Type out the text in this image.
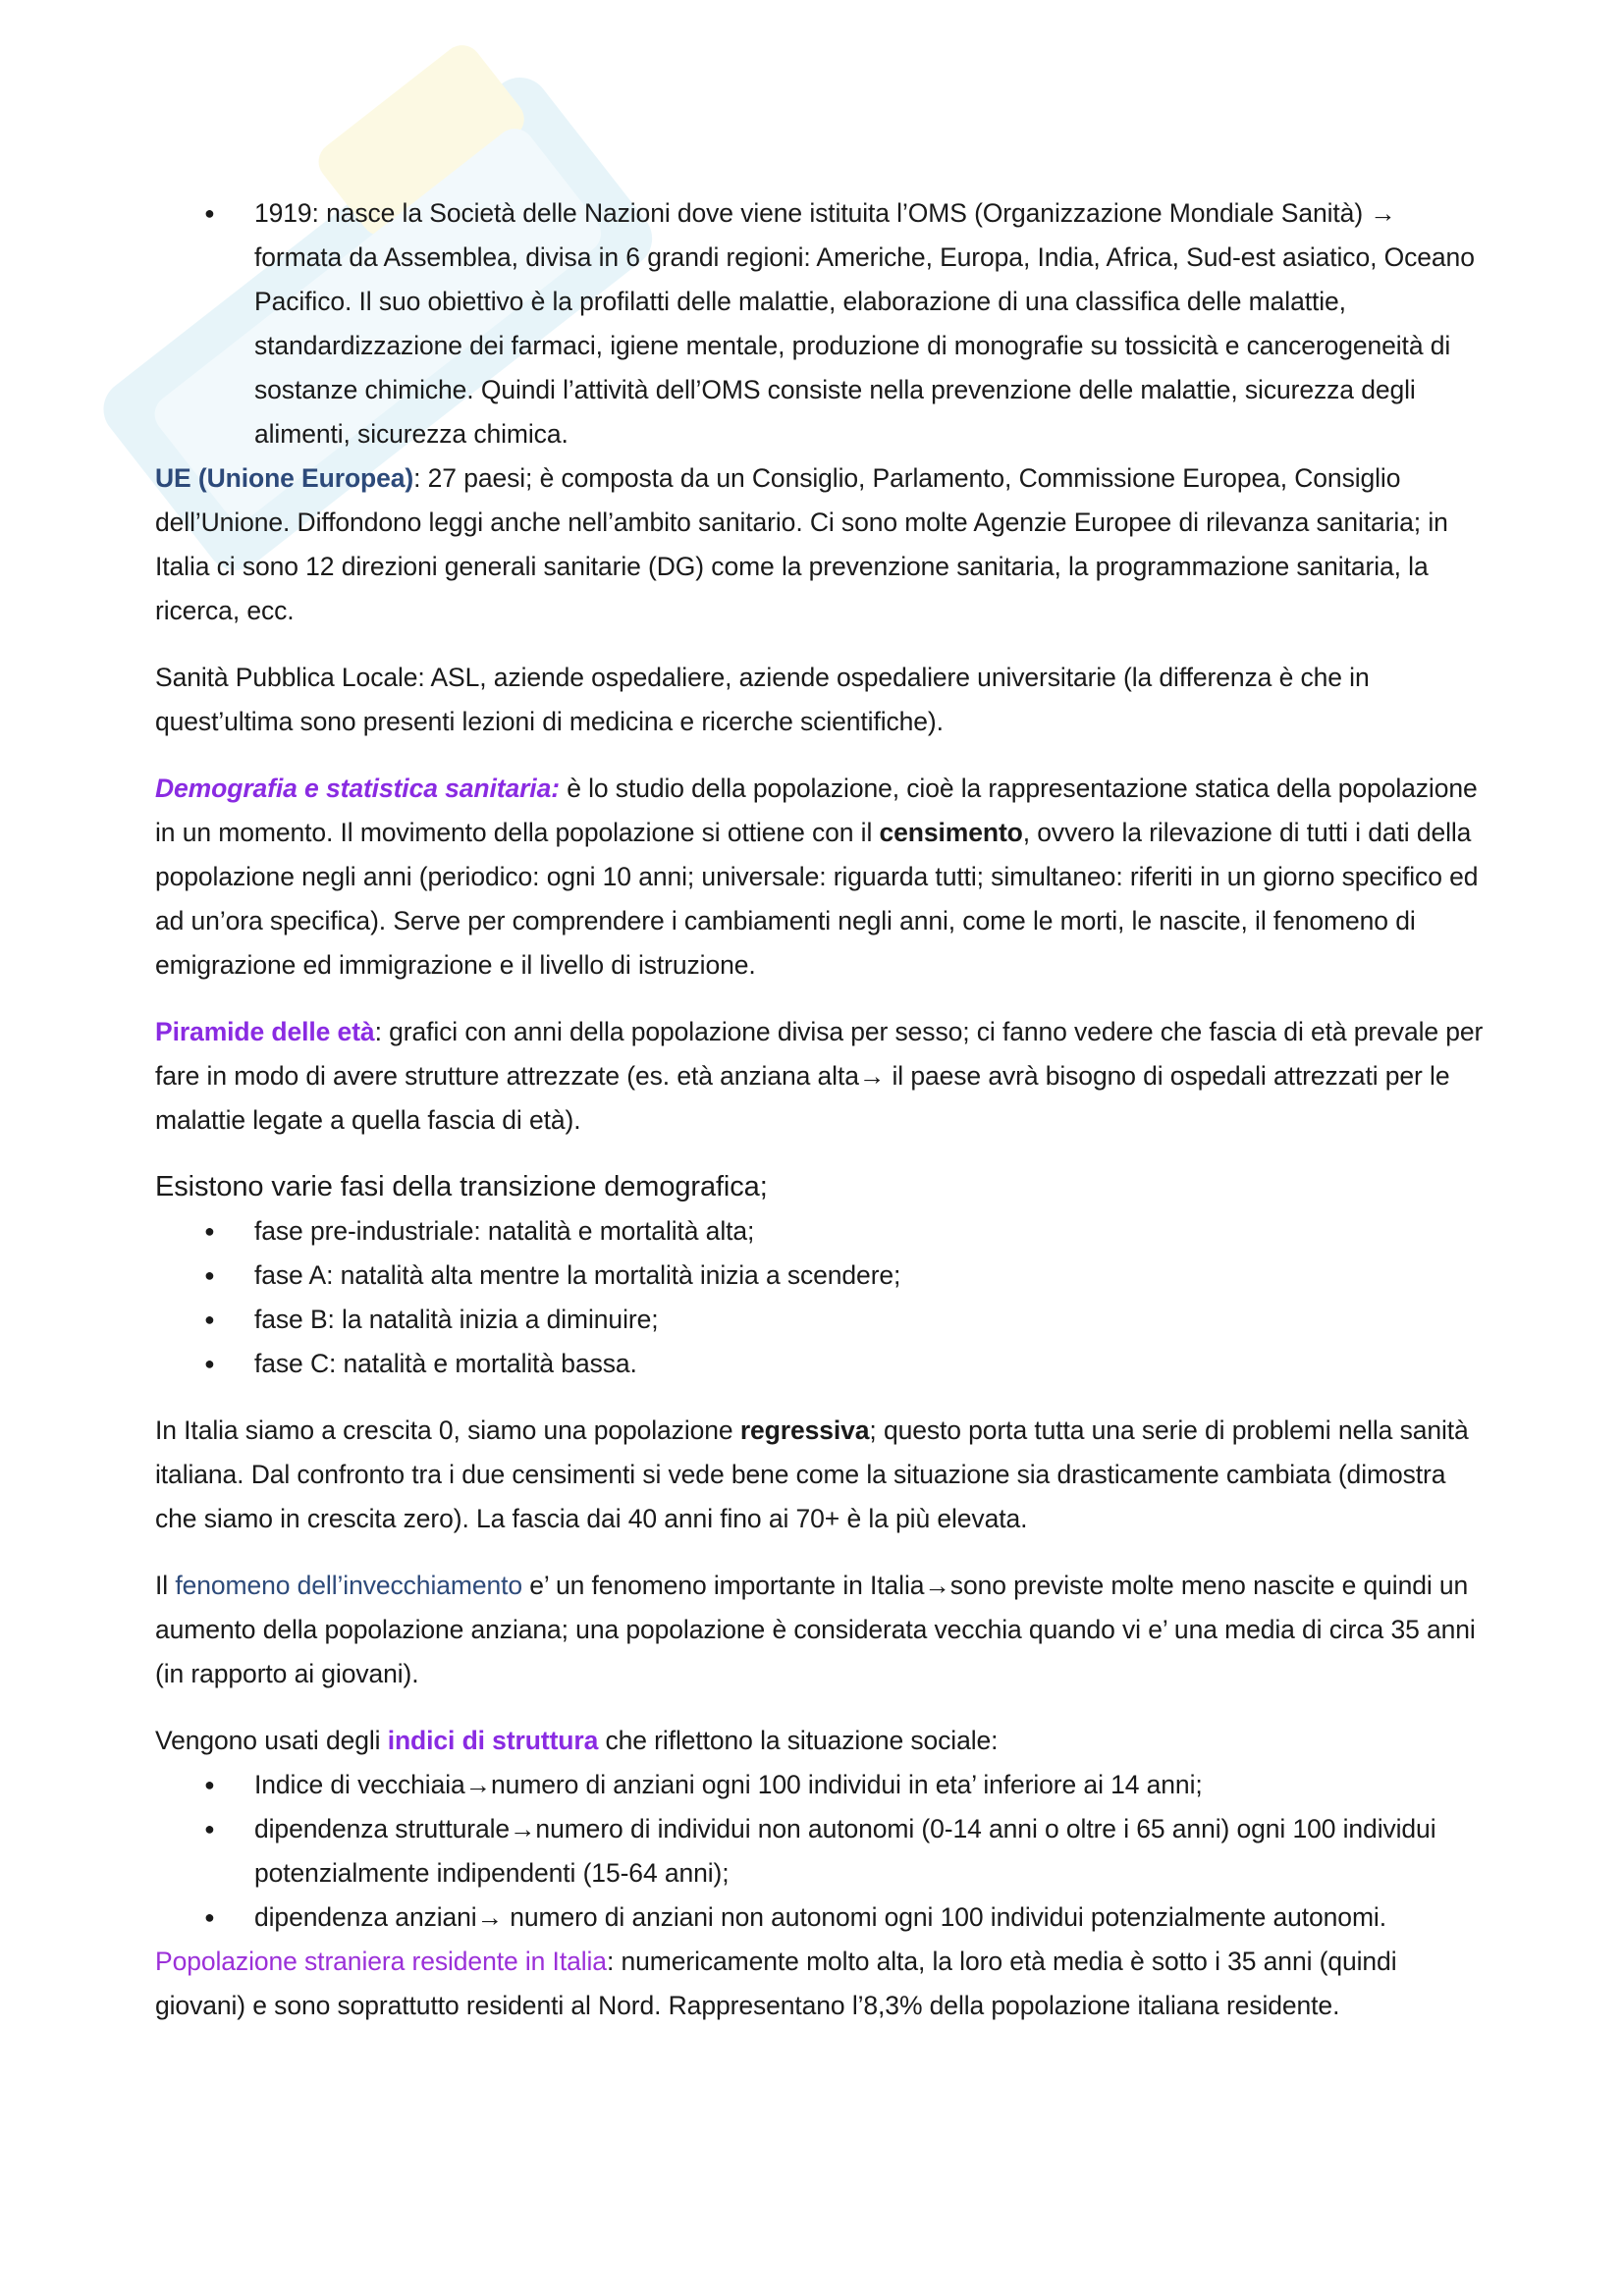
● 1919: nasce la Società delle Nazioni dove viene istituita l’OMS (Organizzazione Mondiale Sanità) → formata da Assemblea, divisa in 6 grandi regioni: Americhe, Europa, India, Africa, Sud-est asiatico, Oceano Pacifico. Il suo obiettivo è la profilatti delle malattie, elaborazione di una classifica delle malattie, standardizzazione dei farmaci, igiene mentale, produzione di monografie su tossicità e cancerogeneità di sostanze chimiche. Quindi l’attività dell’OMS consiste nella prevenzione delle malattie, sicurezza degli alimenti, sicurezza chimica.

UE (Unione Europea): 27 paesi; è composta da un Consiglio, Parlamento, Commissione Europea, Consiglio dell’Unione. Diffondono leggi anche nell’ambito sanitario. Ci sono molte Agenzie Europee di rilevanza sanitaria; in Italia ci sono 12 direzioni generali sanitarie (DG) come la prevenzione sanitaria, la programmazione sanitaria, la ricerca, ecc.

Sanità Pubblica Locale: ASL, aziende ospedaliere, aziende ospedaliere universitarie (la differenza è che in quest’ultima sono presenti lezioni di medicina e ricerche scientifiche).

Demografia e statistica sanitaria: è lo studio della popolazione, cioè la rappresentazione statica della popolazione in un momento. Il movimento della popolazione si ottiene con il censimento, ovvero la rilevazione di tutti i dati della popolazione negli anni (periodico: ogni 10 anni; universale: riguarda tutti; simultaneo: riferiti in un giorno specifico ed ad un’ora specifica). Serve per comprendere i cambiamenti negli anni, come le morti, le nascite, il fenomeno di emigrazione ed immigrazione e il livello di istruzione.

Piramide delle età: grafici con anni della popolazione divisa per sesso; ci fanno vedere che fascia di età prevale per fare in modo di avere strutture attrezzate (es. età anziana alta→ il paese avrà bisogno di ospedali attrezzati per le malattie legate a quella fascia di età).

Esistono varie fasi della transizione demografica;

● fase pre-industriale: natalità e mortalità alta;
● fase A: natalità alta mentre la mortalità inizia a scendere;
● fase B: la natalità inizia a diminuire;
● fase C: natalità e mortalità bassa.

In Italia siamo a crescita 0, siamo una popolazione regressiva; questo porta tutta una serie di problemi nella sanità italiana. Dal confronto tra i due censimenti si vede bene come la situazione sia drasticamente cambiata (dimostra che siamo in crescita zero). La fascia dai 40 anni fino ai 70+ è la più elevata.

Il fenomeno dell’invecchiamento e’ un fenomeno importante in Italia→sono previste molte meno nascite e quindi un aumento della popolazione anziana; una popolazione è considerata vecchia quando vi e’ una media di circa 35 anni (in rapporto ai giovani).

Vengono usati degli indici di struttura che riflettono la situazione sociale:

● Indice di vecchiaia→numero di anziani ogni 100 individui in eta’ inferiore ai 14 anni;
● dipendenza strutturale→numero di individui non autonomi (0-14 anni o oltre i 65 anni) ogni 100 individui potenzialmente indipendenti (15-64 anni);
● dipendenza anziani→ numero di anziani non autonomi ogni 100 individui potenzialmente autonomi.

Popolazione straniera residente in Italia: numericamente molto alta, la loro età media è sotto i 35 anni (quindi giovani) e sono soprattutto residenti al Nord. Rappresentano l’8,3% della popolazione italiana residente.
